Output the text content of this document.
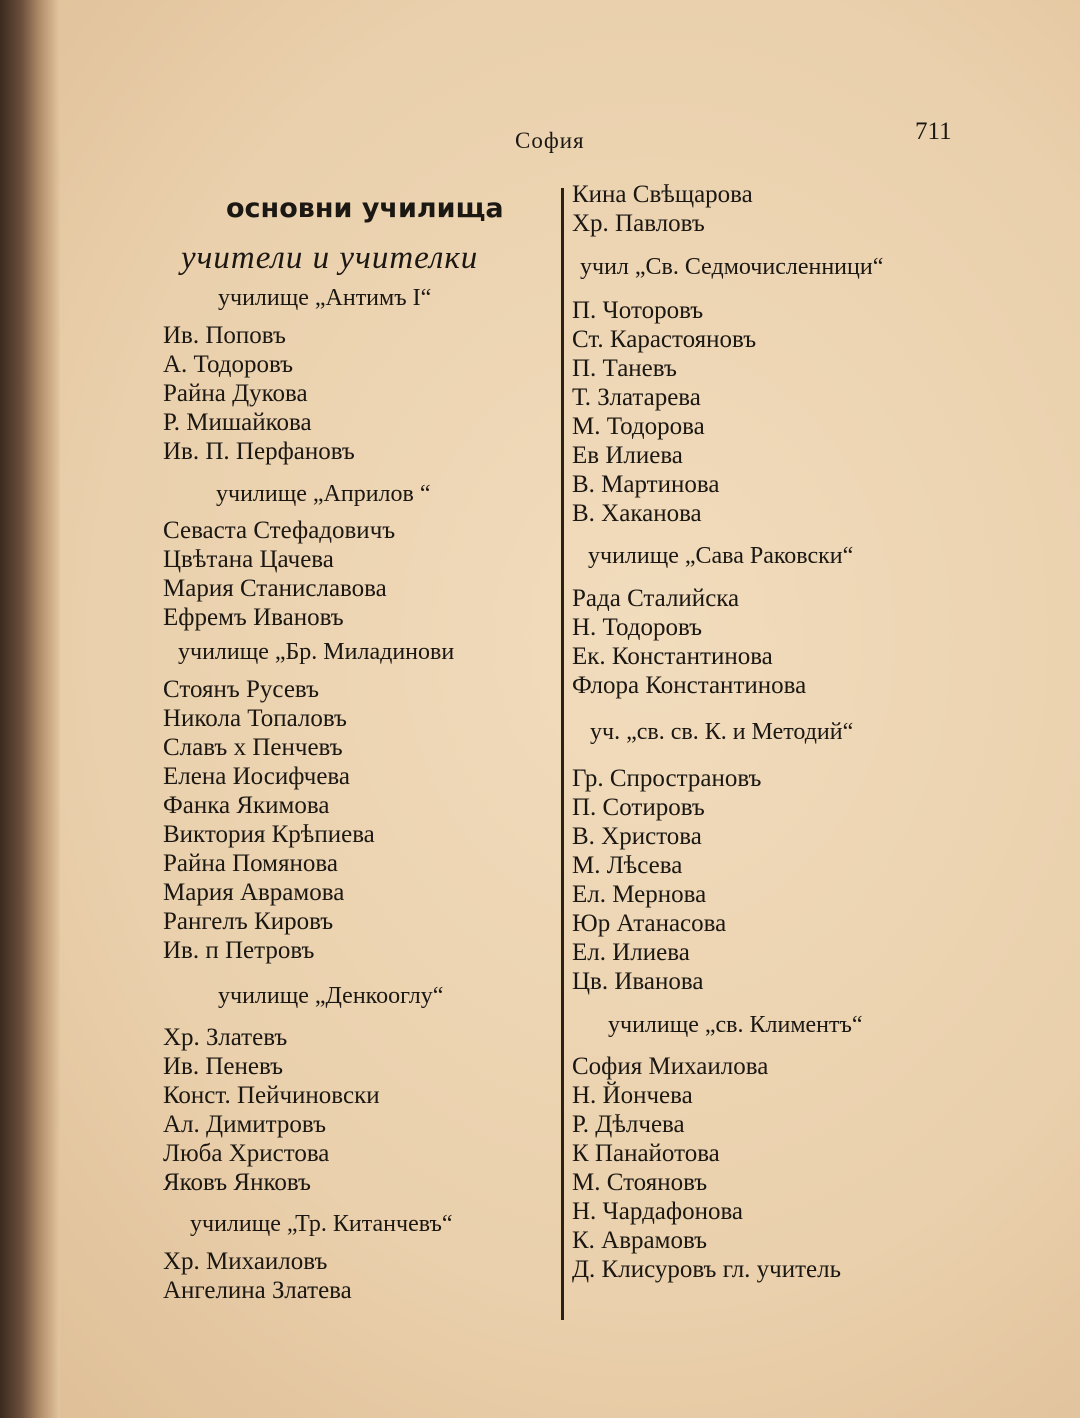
София	711
основни училища
учители и учителки
училище „Антимъ I“
Ив. Поповъ
А. Тодоровъ
Райна Дукова
Р. Мишайкова
Ив. П. Перфановъ
училище „Априлов “
Севаста Стефадовичъ
Цвѣтана Цачева
Мария Станиславова
Ефремъ Ивановъ
училище „Бр. Миладинови
Стоянъ Русевъ
Никола Топаловъ
Славъ х Пенчевъ
Елена Иосифчева
Фанка Якимова
Виктория Крѣпиева
Райна Помянова
Мария Аврамова
Рангелъ Кировъ
Ив. п Петровъ
училище „Денкооглу“
Хр. Златевъ
Ив. Пеневъ
Конст. Пейчиновски
Ал. Димитровъ
Люба Христова
Яковъ Янковъ
училище „Тр. Китанчевъ“
Хр. Михаиловъ
Ангелина Златева
Кина Свѣщарова
Хр. Павловъ
учил „Св. Седмочисленници“
П. Чоторовъ
Ст. Карастояновъ
П. Таневъ
Т. Златарева
М. Тодорова
Ев Илиева
В. Мартинова
В. Хаканова
училище „Сава Раковски“
Рада Сталийска
Н. Тодоровъ
Ек. Константинова
Флора Константинова
уч. „св. св. К. и Методий“
Гр. Спространовъ
П. Сотировъ
В. Христова
М. Лѣсева
Ел. Мернова
Юр Атанасова
Ел. Илиева
Цв. Иванова
училище „св. Климентъ“
София Михаилова
Н. Йончева
Р. Дѣлчева
К Панайотова
М. Стояновъ
Н. Чардафонова
К. Аврамовъ
Д. Клисуровъ гл. учитель
